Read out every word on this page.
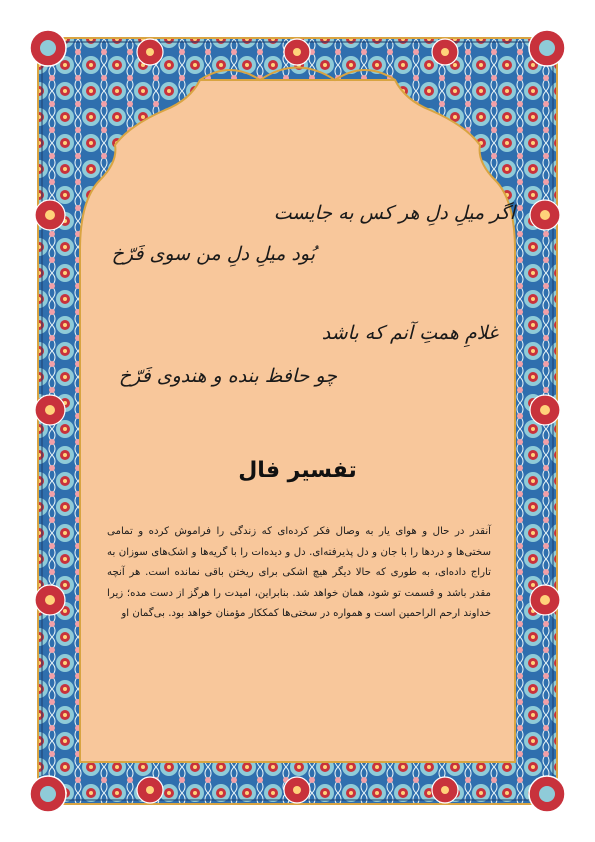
اگر میلِ دلِ هر کس به جایست

بُود میلِ دلِ من سوی فَرّخ

غلامِ همتِ آنم که باشد

چو حافظ بنده و هندوی فَرّخ

تفسیر فال

آنقدر در حال و هوای یار به وصال فکر کرده‌ای که زندگی را فراموش کرده و تمامی سختی‌ها و دردها را با جان و دل پذیرفته‌ای. دل و دیده‌ات را با گریه‌ها و اشک‌های سوزان به تاراج داده‌ای، به طوری که حالا دیگر هیچ اشکی برای ریختن باقی نمانده است. هر آنچه مقدر باشد و قسمت تو شود، همان خواهد شد. بنابراین، امیدت را هرگز از دست مده؛ زیرا خداوند ارحم الراحمین است و همواره در سختی‌ها کمککار مؤمنان خواهد بود. بی‌گمان او
